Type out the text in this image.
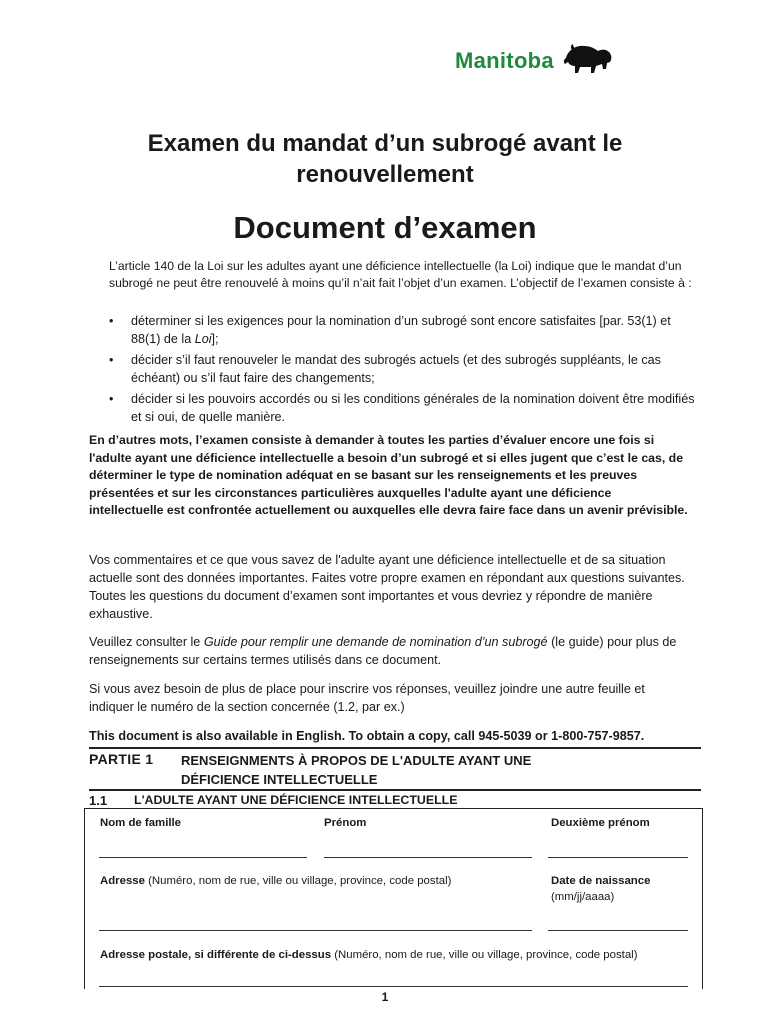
Manitoba
Examen du mandat d’un subrogé avant le renouvellement
Document d’examen
L’article 140 de la Loi sur les adultes ayant une déficience intellectuelle (la Loi) indique que le mandat d’un subrogé ne peut être renouvelé à moins qu’il n’ait fait l’objet d’un examen. L’objectif de l’examen consiste à :
• déterminer si les exigences pour la nomination d’un subrogé sont encore satisfaites [par. 53(1) et 88(1) de la Loi];
• décider s’il faut renouveler le mandat des subrogés actuels (et des subrogés suppléants, le cas échéant) ou s’il faut faire des changements;
• décider si les pouvoirs accordés ou si les conditions générales de la nomination doivent être modifiés et si oui, de quelle manière.
En d’autres mots, l’examen consiste à demander à toutes les parties d’évaluer encore une fois si l'adulte ayant une déficience intellectuelle a besoin d’un subrogé et si elles jugent que c’est le cas, de déterminer le type de nomination adéquat en se basant sur les renseignements et les preuves présentées et sur les circonstances particulières auxquelles l'adulte ayant une déficience intellectuelle est confrontée actuellement ou auxquelles elle devra faire face dans un avenir prévisible.
Vos commentaires et ce que vous savez de l'adulte ayant une déficience intellectuelle et de sa situation actuelle sont des données importantes. Faites votre propre examen en répondant aux questions suivantes. Toutes les questions du document d’examen sont importantes et vous devriez y répondre de manière exhaustive.
Veuillez consulter le Guide pour remplir une demande de nomination d’un subrogé (le guide) pour plus de renseignements sur certains termes utilisés dans ce document.
Si vous avez besoin de plus de place pour inscrire vos réponses, veuillez joindre une autre feuille et indiquer le numéro de la section concernée (1.2, par ex.)
This document is also available in English. To obtain a copy, call 945-5039 or 1-800-757-9857.
PARTIE 1 RENSEIGNMENTS À PROPOS DE L'ADULTE AYANT UNE DÉFICIENCE INTELLECTUELLE
1.1 L'ADULTE AYANT UNE DÉFICIENCE INTELLECTUELLE
Nom de famille	Prénom	Deuxième prénom
Adresse (Numéro, nom de rue, ville ou village, province, code postal)	Date de naissance
(mm/jj/aaaa)
Adresse postale, si différente de ci-dessus (Numéro, nom de rue, ville ou village, province, code postal)
1
